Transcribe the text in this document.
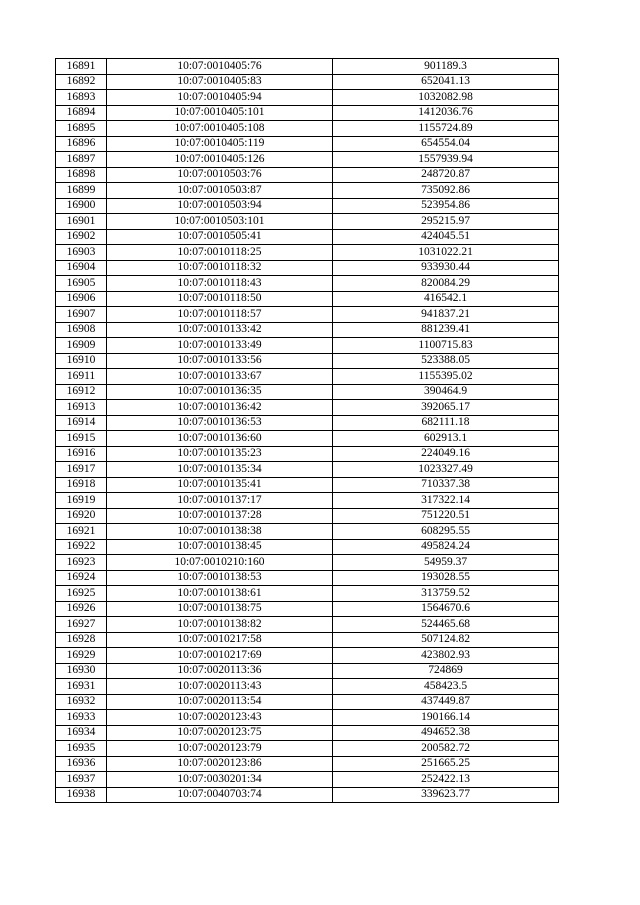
16891	10:07:0010405:76	901189.3
16892	10:07:0010405:83	652041.13
16893	10:07:0010405:94	1032082.98
16894	10:07:0010405:101	1412036.76
16895	10:07:0010405:108	1155724.89
16896	10:07:0010405:119	654554.04
16897	10:07:0010405:126	1557939.94
16898	10:07:0010503:76	248720.87
16899	10:07:0010503:87	735092.86
16900	10:07:0010503:94	523954.86
16901	10:07:0010503:101	295215.97
16902	10:07:0010505:41	424045.51
16903	10:07:0010118:25	1031022.21
16904	10:07:0010118:32	933930.44
16905	10:07:0010118:43	820084.29
16906	10:07:0010118:50	416542.1
16907	10:07:0010118:57	941837.21
16908	10:07:0010133:42	881239.41
16909	10:07:0010133:49	1100715.83
16910	10:07:0010133:56	523388.05
16911	10:07:0010133:67	1155395.02
16912	10:07:0010136:35	390464.9
16913	10:07:0010136:42	392065.17
16914	10:07:0010136:53	682111.18
16915	10:07:0010136:60	602913.1
16916	10:07:0010135:23	224049.16
16917	10:07:0010135:34	1023327.49
16918	10:07:0010135:41	710337.38
16919	10:07:0010137:17	317322.14
16920	10:07:0010137:28	751220.51
16921	10:07:0010138:38	608295.55
16922	10:07:0010138:45	495824.24
16923	10:07:0010210:160	54959.37
16924	10:07:0010138:53	193028.55
16925	10:07:0010138:61	313759.52
16926	10:07:0010138:75	1564670.6
16927	10:07:0010138:82	524465.68
16928	10:07:0010217:58	507124.82
16929	10:07:0010217:69	423802.93
16930	10:07:0020113:36	724869
16931	10:07:0020113:43	458423.5
16932	10:07:0020113:54	437449.87
16933	10:07:0020123:43	190166.14
16934	10:07:0020123:75	494652.38
16935	10:07:0020123:79	200582.72
16936	10:07:0020123:86	251665.25
16937	10:07:0030201:34	252422.13
16938	10:07:0040703:74	339623.77
